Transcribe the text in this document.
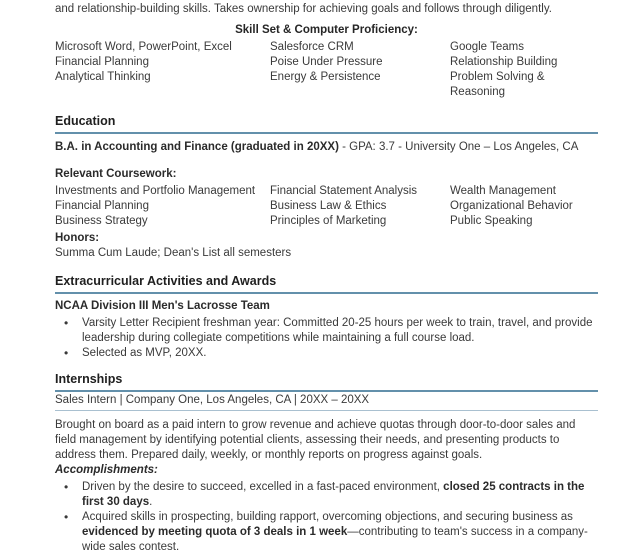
and relationship-building skills. Takes ownership for achieving goals and follows through diligently.

Skill Set & Computer Proficiency:

Microsoft Word, PowerPoint, Excel	Salesforce CRM	Google Teams
Financial Planning	Poise Under Pressure	Relationship Building
Analytical Thinking	Energy & Persistence	Problem Solving & Reasoning
Education

B.A. in Accounting and Finance (graduated in 20XX) - GPA: 3.7 - University One – Los Angeles, CA

Relevant Coursework:
Investments and Portfolio Management	Financial Statement Analysis	Wealth Management
Financial Planning	Business Law & Ethics	Organizational Behavior
Business Strategy	Principles of Marketing	Public Speaking
Honors:
Summa Cum Laude; Dean's List all semesters
Extracurricular Activities and Awards
NCAA Division III Men's Lacrosse Team
• Varsity Letter Recipient freshman year: Committed 20-25 hours per week to train, travel, and provide leadership during collegiate competitions while maintaining a full course load.
• Selected as MVP, 20XX.
Internships
Sales Intern | Company One, Los Angeles, CA | 20XX – 20XX

Brought on board as a paid intern to grow revenue and achieve quotas through door-to-door sales and field management by identifying potential clients, assessing their needs, and presenting products to address them. Prepared daily, weekly, or monthly reports on progress against goals.

Accomplishments:
• Driven by the desire to succeed, excelled in a fast-paced environment, closed 25 contracts in the first 30 days.
• Acquired skills in prospecting, building rapport, overcoming objections, and securing business as evidenced by meeting quota of 3 deals in 1 week—contributing to team's success in a company-wide sales contest.
